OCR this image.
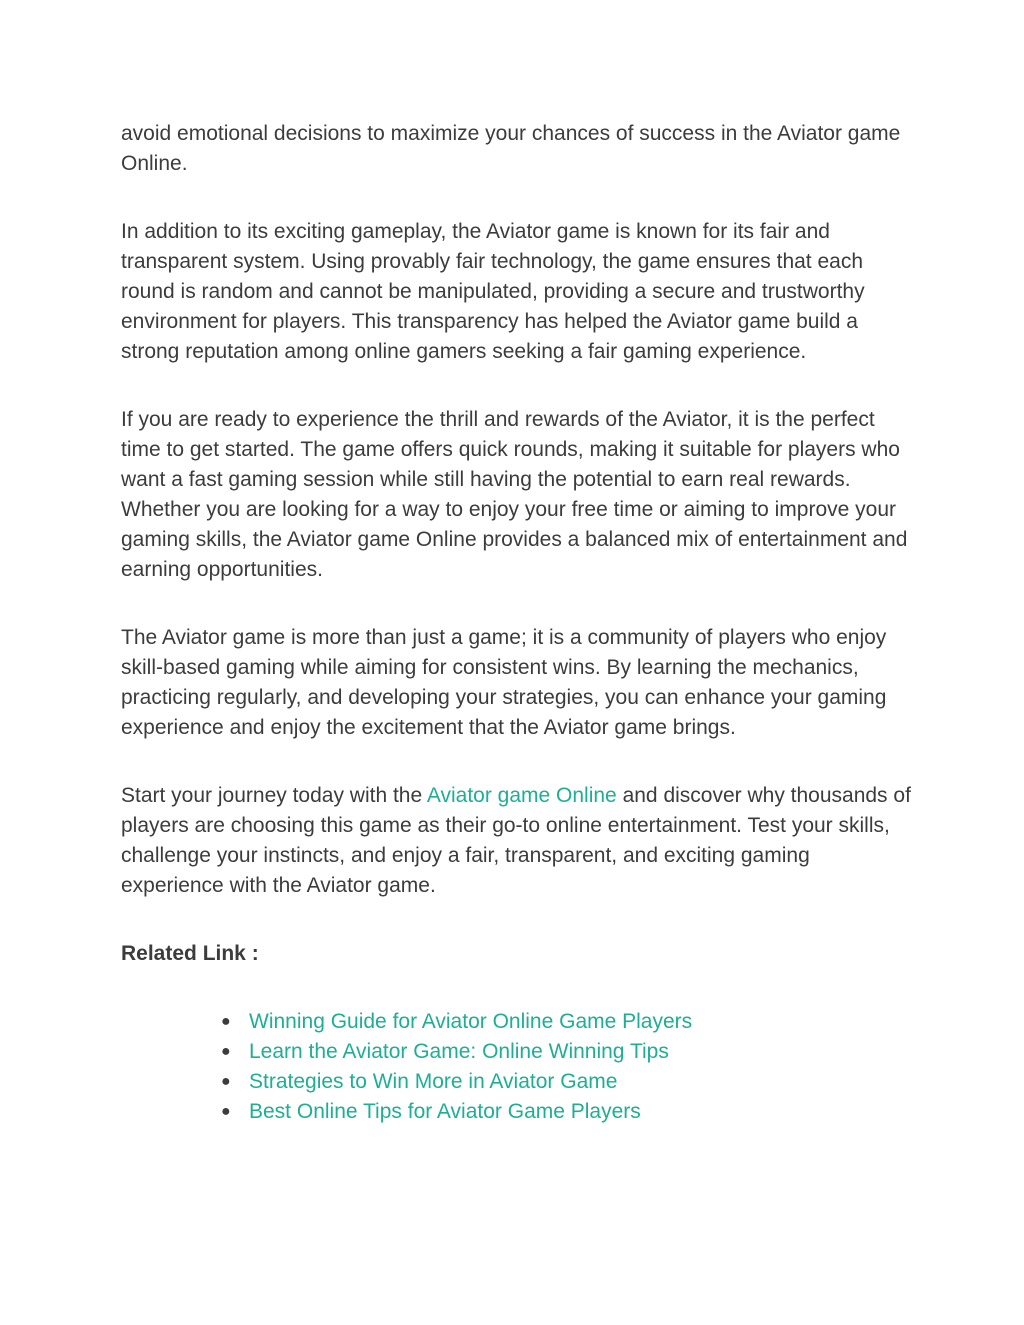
avoid emotional decisions to maximize your chances of success in the Aviator game Online.

In addition to its exciting gameplay, the Aviator game is known for its fair and transparent system. Using provably fair technology, the game ensures that each round is random and cannot be manipulated, providing a secure and trustworthy environment for players. This transparency has helped the Aviator game build a strong reputation among online gamers seeking a fair gaming experience.

If you are ready to experience the thrill and rewards of the Aviator, it is the perfect time to get started. The game offers quick rounds, making it suitable for players who want a fast gaming session while still having the potential to earn real rewards. Whether you are looking for a way to enjoy your free time or aiming to improve your gaming skills, the Aviator game Online provides a balanced mix of entertainment and earning opportunities.

The Aviator game is more than just a game; it is a community of players who enjoy skill-based gaming while aiming for consistent wins. By learning the mechanics, practicing regularly, and developing your strategies, you can enhance your gaming experience and enjoy the excitement that the Aviator game brings.

Start your journey today with the Aviator game Online and discover why thousands of players are choosing this game as their go-to online entertainment. Test your skills, challenge your instincts, and enjoy a fair, transparent, and exciting gaming experience with the Aviator game.

Related Link :

● Winning Guide for Aviator Online Game Players
● Learn the Aviator Game: Online Winning Tips
● Strategies to Win More in Aviator Game
● Best Online Tips for Aviator Game Players
